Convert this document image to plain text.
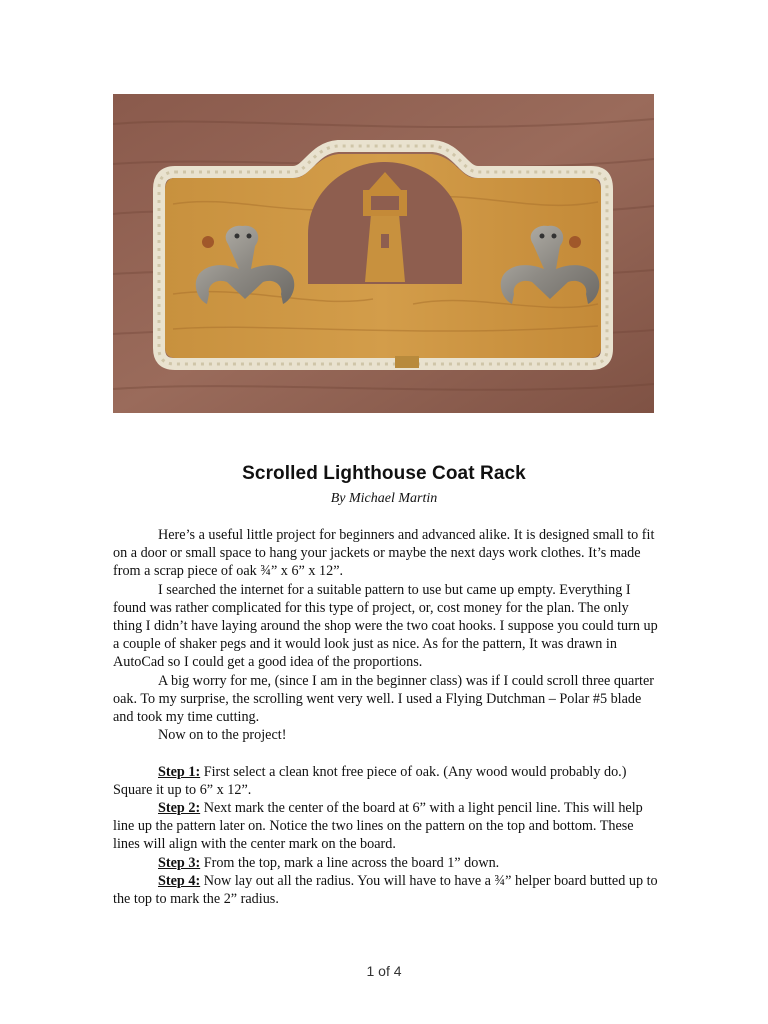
Scrolled Lighthouse Coat Rack
By Michael Martin

Here’s a useful little project for beginners and advanced alike. It is designed small to fit on a door or small space to hang your jackets or maybe the next days work clothes. It’s made from a scrap piece of oak ¾” x 6” x 12”.

I searched the internet for a suitable pattern to use but came up empty. Everything I found was rather complicated for this type of project, or, cost money for the plan. The only thing I didn’t have laying around the shop were the two coat hooks. I suppose you could turn up a couple of shaker pegs and it would look just as nice. As for the pattern, It was drawn in AutoCad so I could get a good idea of the proportions.

A big worry for me, (since I am in the beginner class) was if I could scroll three quarter oak. To my surprise, the scrolling went very well. I used a Flying Dutchman – Polar #5 blade and took my time cutting.

Now on to the project!

Step 1: First select a clean knot free piece of oak. (Any wood would probably do.) Square it up to 6” x 12”.

Step 2: Next mark the center of the board at 6” with a light pencil line. This will help line up the pattern later on. Notice the two lines on the pattern on the top and bottom. These lines will align with the center mark on the board.

Step 3: From the top, mark a line across the board 1” down.

Step 4: Now lay out all the radius. You will have to have a ¾” helper board butted up to the top to mark the 2” radius.

1 of 4
